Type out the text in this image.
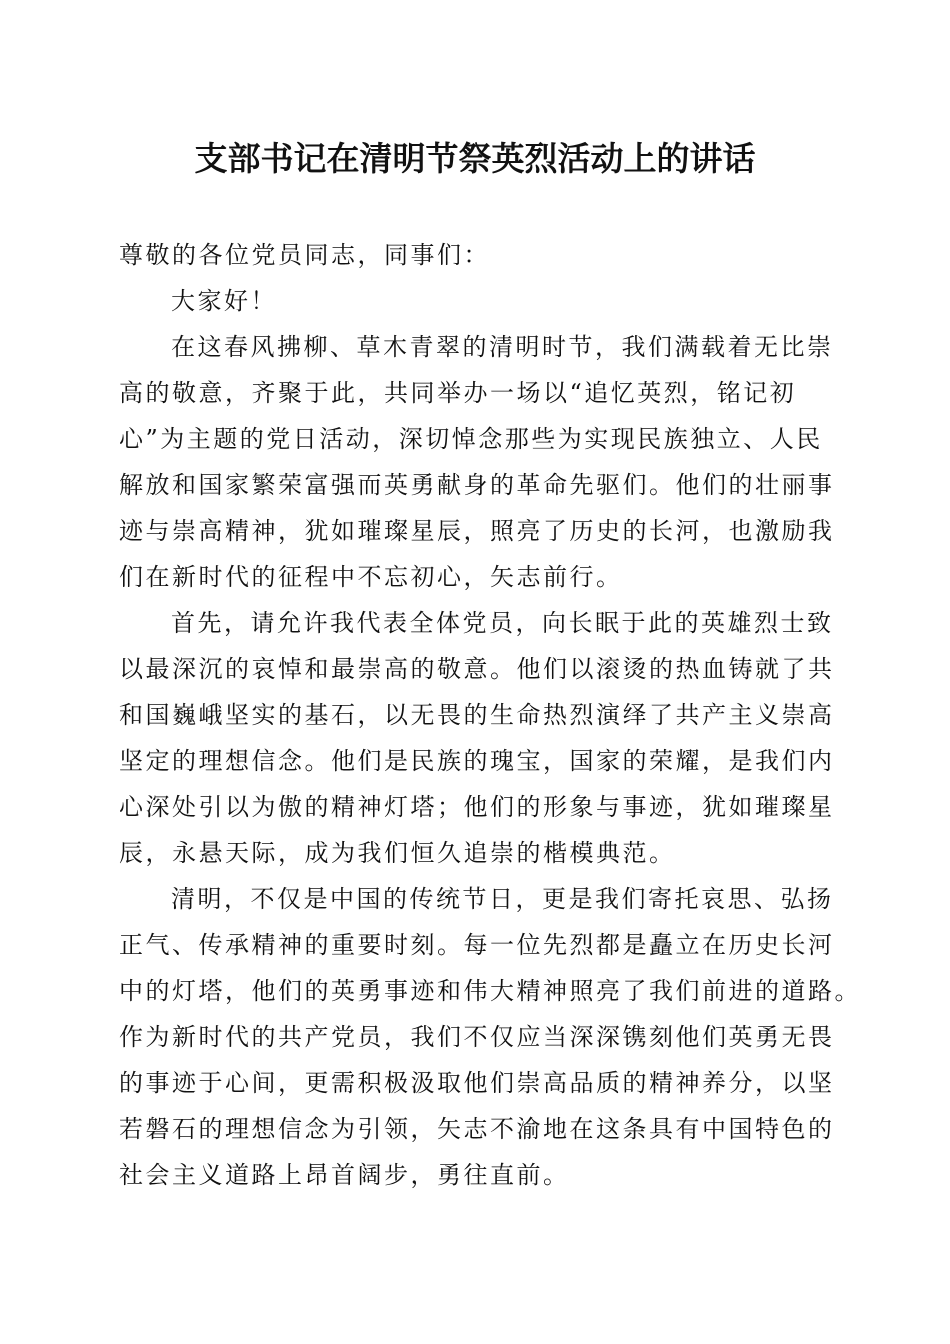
支部书记在清明节祭英烈活动上的讲话

尊敬的各位党员同志，同事们：

大家好！

在这春风拂柳、草木青翠的清明时节，我们满载着无比崇

高的敬意，齐聚于此，共同举办一场以“追忆英烈，铭记初

心”为主题的党日活动，深切悼念那些为实现民族独立、人民

解放和国家繁荣富强而英勇献身的革命先驱们。他们的壮丽事

迹与崇高精神，犹如璀璨星辰，照亮了历史的长河，也激励我

们在新时代的征程中不忘初心，矢志前行。

首先，请允许我代表全体党员，向长眠于此的英雄烈士致

以最深沉的哀悼和最崇高的敬意。他们以滚烫的热血铸就了共

和国巍峨坚实的基石，以无畏的生命热烈演绎了共产主义崇高

坚定的理想信念。他们是民族的瑰宝，国家的荣耀，是我们内

心深处引以为傲的精神灯塔；他们的形象与事迹，犹如璀璨星

辰，永悬天际，成为我们恒久追崇的楷模典范。

清明，不仅是中国的传统节日，更是我们寄托哀思、弘扬

正气、传承精神的重要时刻。每一位先烈都是矗立在历史长河

中的灯塔，他们的英勇事迹和伟大精神照亮了我们前进的道路。

作为新时代的共产党员，我们不仅应当深深镌刻他们英勇无畏

的事迹于心间，更需积极汲取他们崇高品质的精神养分，以坚

若磐石的理想信念为引领，矢志不渝地在这条具有中国特色的

社会主义道路上昂首阔步，勇往直前。
